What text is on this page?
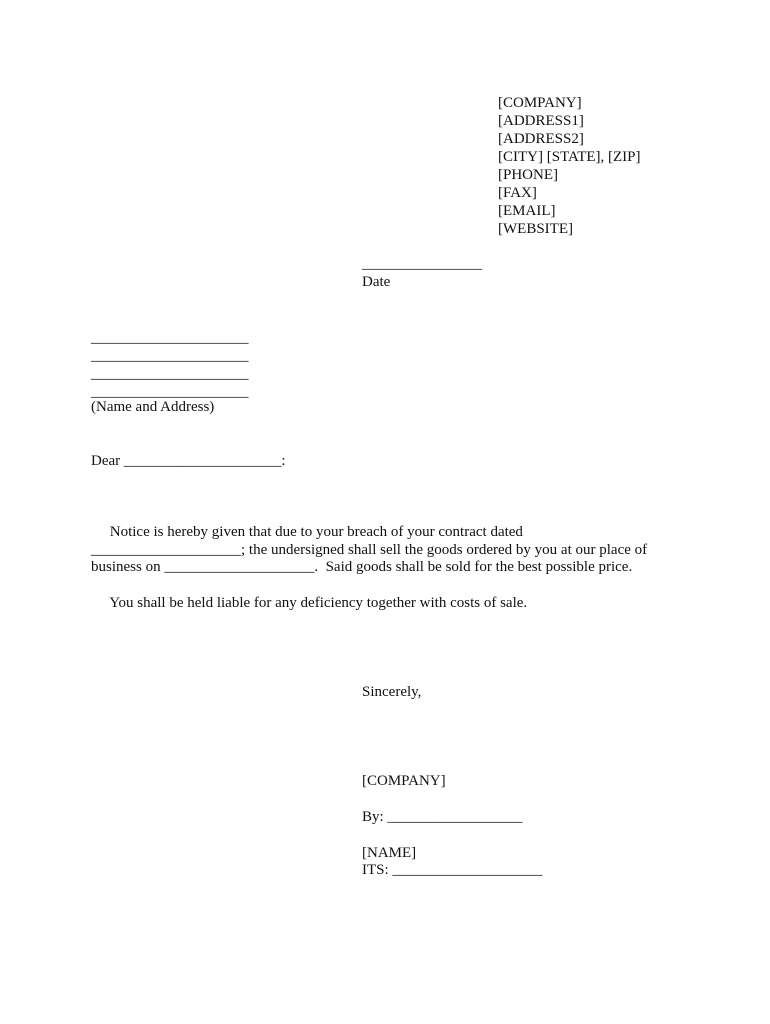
[COMPANY]
[ADDRESS1]
[ADDRESS2]
[CITY] [STATE], [ZIP]
[PHONE]
[FAX]
[EMAIL]
[WEBSITE]
________________
Date
_____________________
_____________________
_____________________
_____________________
(Name and Address)
Dear _____________________:
Notice is hereby given that due to your breach of your contract dated
____________________; the undersigned shall sell the goods ordered by you at our place of
business on ____________________.  Said goods shall be sold for the best possible price.
You shall be held liable for any deficiency together with costs of sale.
Sincerely,
[COMPANY]
By: __________________
[NAME]
ITS: ____________________
